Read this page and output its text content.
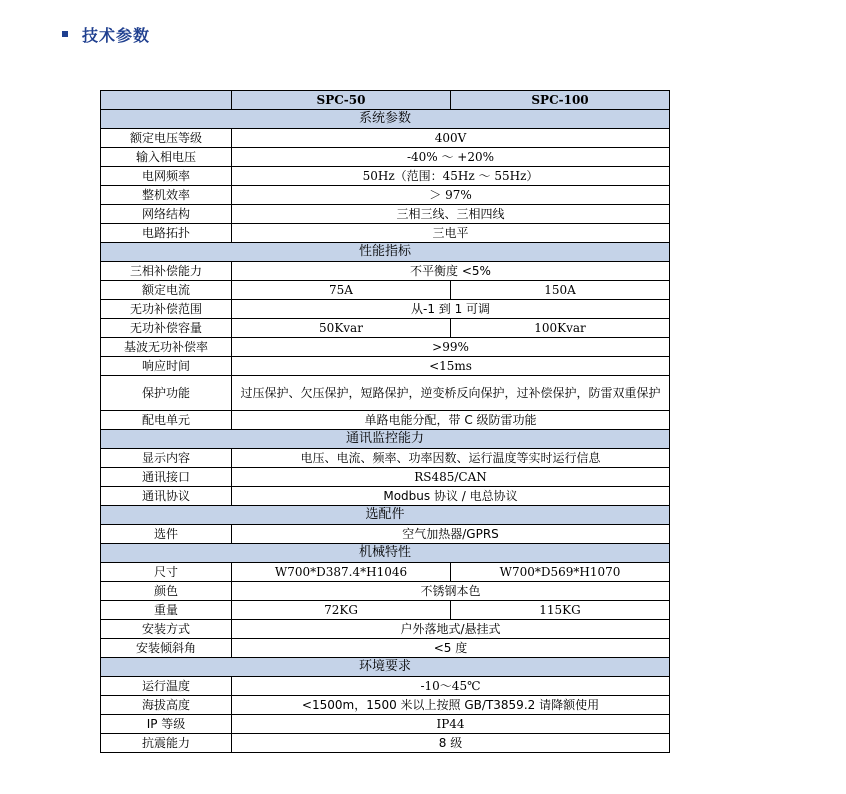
技术参数
	SPC-50	SPC-100
系统参数		
额定电压等级	400V	
输入相电压	-40% ～ +20%	
电网频率	50Hz（范围：45Hz ～ 55Hz）	
整机效率	＞ 97%	
网络结构	三相三线、三相四线	
电路拓扑	三电平	
性能指标		
三相补偿能力	不平衡度 <5%	
额定电流	75A	150A
无功补偿范围	从-1 到 1 可调	
无功补偿容量	50Kvar	100Kvar
基波无功补偿率	>99%	
响应时间	<15ms	
保护功能	过压保护、欠压保护，短路保护，逆变桥反向保护，过补偿保护，防雷双重保护	
配电单元	单路电能分配，带 C 级防雷功能	
通讯监控能力		
显示内容	电压、电流、频率、功率因数、运行温度等实时运行信息	
通讯接口	RS485/CAN	
通讯协议	Modbus 协议 / 电总协议	
选配件		
选件	空气加热器/GPRS	
机械特性		
尺寸	W700*D387.4*H1046	W700*D569*H1070
颜色	不锈钢本色	
重量	72KG	115KG
安装方式	户外落地式/悬挂式	
安装倾斜角	<5 度	
环境要求		
运行温度	-10～45℃	
海拔高度	<1500m，1500 米以上按照 GB/T3859.2 请降额使用	
IP 等级	IP44	
抗震能力	8 级	
